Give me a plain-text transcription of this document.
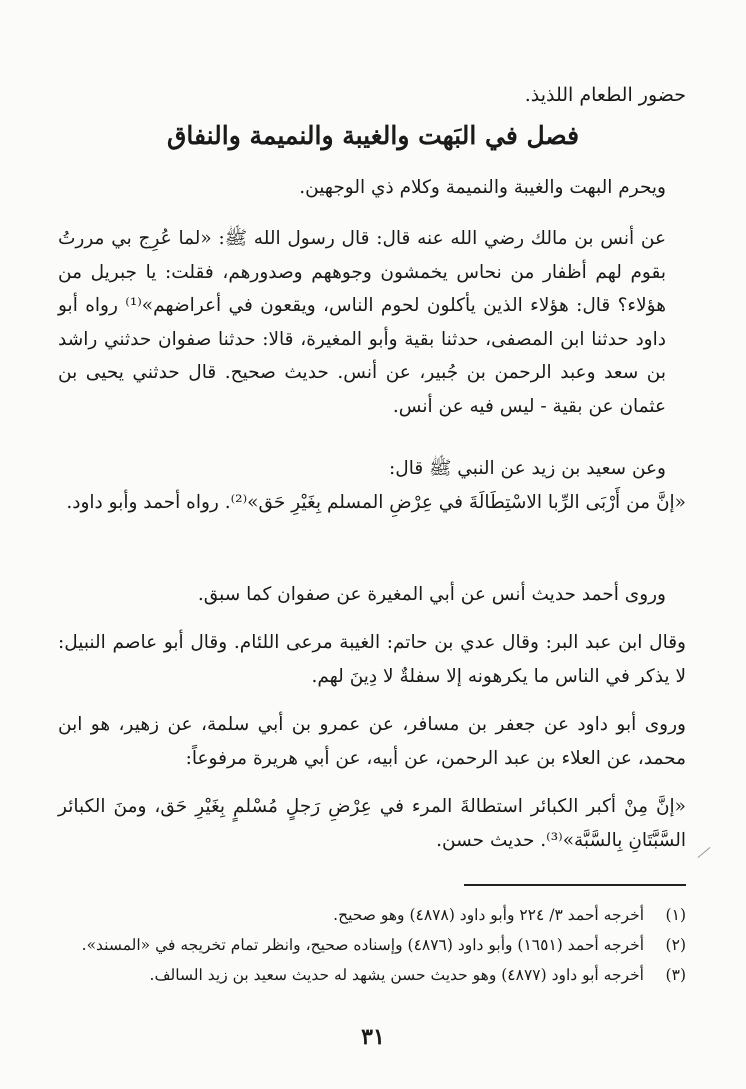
حضور الطعام اللذيذ.
فصل في البَهت والغيبة والنميمة والنفاق
ويحرم البهت والغيبة والنميمة وكلام ذي الوجهين.
عن أنس بن مالك رضي الله عنه قال: قال رسول الله ﷺ: «لما عُرِج بي مررتُ بقوم لهم أظفار من نحاس يخمشون وجوههم وصدورهم، فقلت: يا جبريل من هؤلاء؟ قال: هؤلاء الذين يأكلون لحوم الناس، ويقعون في أعراضهم»⁽¹⁾ رواه أبو داود حدثنا ابن المصفى، حدثنا بقية وأبو المغيرة، قالا: حدثنا صفوان حدثني راشد بن سعد وعبد الرحمن بن جُبير، عن أنس. حديث صحيح. قال حدثني يحيى بن عثمان عن بقية - ليس فيه عن أنس.
وعن سعيد بن زيد عن النبي ﷺ قال:
«إنَّ من أَرْبَى الرِّبا الاسْتِطَالَةَ في عِرْضِ المسلم بِغَيْرِ حَق»⁽²⁾. رواه أحمد وأبو داود.
وروى أحمد حديث أنس عن أبي المغيرة عن صفوان كما سبق.
وقال ابن عبد البر: وقال عدي بن حاتم: الغيبة مرعى اللئام. وقال أبو عاصم النبيل: لا يذكر في الناس ما يكرهونه إلا سفلةٌ لا دِينَ لهم.
وروى أبو داود عن جعفر بن مسافر، عن عمرو بن أبي سلمة، عن زهير، هو ابن محمد، عن العلاء بن عبد الرحمن، عن أبيه، عن أبي هريرة مرفوعاً:
«إنَّ مِنْ أكبر الكبائر استطالةَ المرء في عِرْضِ رَجلٍ مُسْلمٍ بِغَيْرِ حَق، ومنَ الكبائر السَّبَّتَانِ بِالسَّبَّة»⁽³⁾. حديث حسن.
(١)
أخرجه أحمد ٣/ ٢٢٤ وأبو داود (٤٨٧٨) وهو صحيح.
(٢)
أخرجه أحمد (١٦٥١) وأبو داود (٤٨٧٦) وإسناده صحيح، وانظر تمام تخريجه في «المسند».
(٣)
أخرجه أبو داود (٤٨٧٧) وهو حديث حسن يشهد له حديث سعيد بن زيد السالف.
٣١
